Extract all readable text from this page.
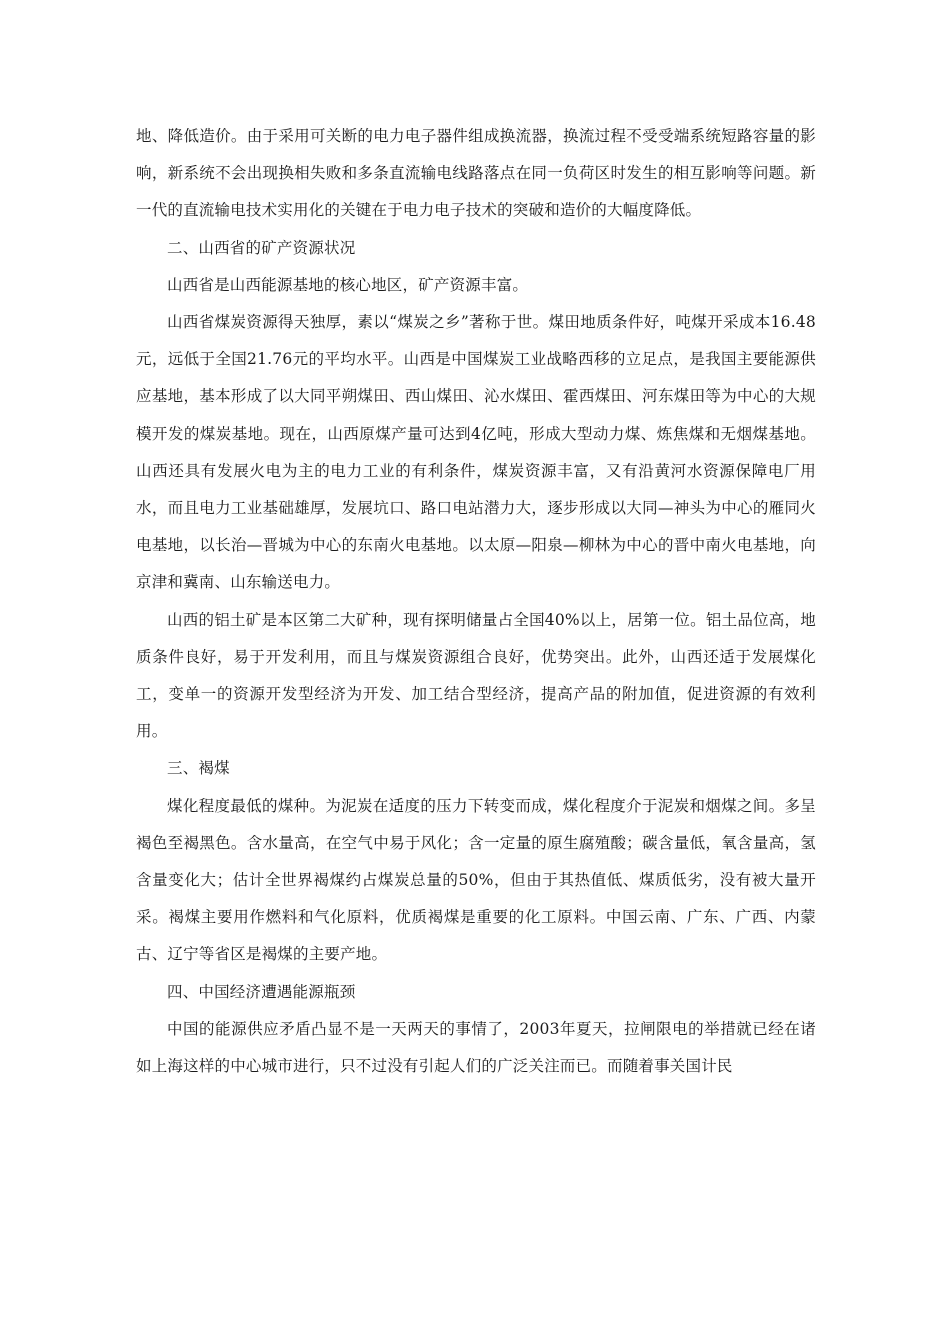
地、降低造价。由于采用可关断的电力电子器件组成换流器，换流过程不受受端系统短路容量的影响，新系统不会出现换相失败和多条直流输电线路落点在同一负荷区时发生的相互影响等问题。新一代的直流输电技术实用化的关键在于电力电子技术的突破和造价的大幅度降低。

二、山西省的矿产资源状况

山西省是山西能源基地的核心地区，矿产资源丰富。

山西省煤炭资源得天独厚，素以“煤炭之乡”著称于世。煤田地质条件好，吨煤开采成本16.48元，远低于全国21.76元的平均水平。山西是中国煤炭工业战略西移的立足点，是我国主要能源供应基地，基本形成了以大同平朔煤田、西山煤田、沁水煤田、霍西煤田、河东煤田等为中心的大规模开发的煤炭基地。现在，山西原煤产量可达到4亿吨，形成大型动力煤、炼焦煤和无烟煤基地。山西还具有发展火电为主的电力工业的有利条件，煤炭资源丰富，又有沿黄河水资源保障电厂用水，而且电力工业基础雄厚，发展坑口、路口电站潜力大，逐步形成以大同—神头为中心的雁同火电基地，以长治—晋城为中心的东南火电基地。以太原—阳泉—柳林为中心的晋中南火电基地，向京津和冀南、山东输送电力。

山西的铝土矿是本区第二大矿种，现有探明储量占全国40%以上，居第一位。铝土品位高，地质条件良好，易于开发利用，而且与煤炭资源组合良好，优势突出。此外，山西还适于发展煤化工，变单一的资源开发型经济为开发、加工结合型经济，提高产品的附加值，促进资源的有效利用。

三、褐煤

煤化程度最低的煤种。为泥炭在适度的压力下转变而成，煤化程度介于泥炭和烟煤之间。多呈褐色至褐黑色。含水量高，在空气中易于风化；含一定量的原生腐殖酸；碳含量低，氧含量高，氢含量变化大；估计全世界褐煤约占煤炭总量的50%，但由于其热值低、煤质低劣，没有被大量开采。褐煤主要用作燃料和气化原料，优质褐煤是重要的化工原料。中国云南、广东、广西、内蒙古、辽宁等省区是褐煤的主要产地。

四、中国经济遭遇能源瓶颈

中国的能源供应矛盾凸显不是一天两天的事情了，2003年夏天，拉闸限电的举措就已经在诸如上海这样的中心城市进行，只不过没有引起人们的广泛关注而已。而随着事关国计民
